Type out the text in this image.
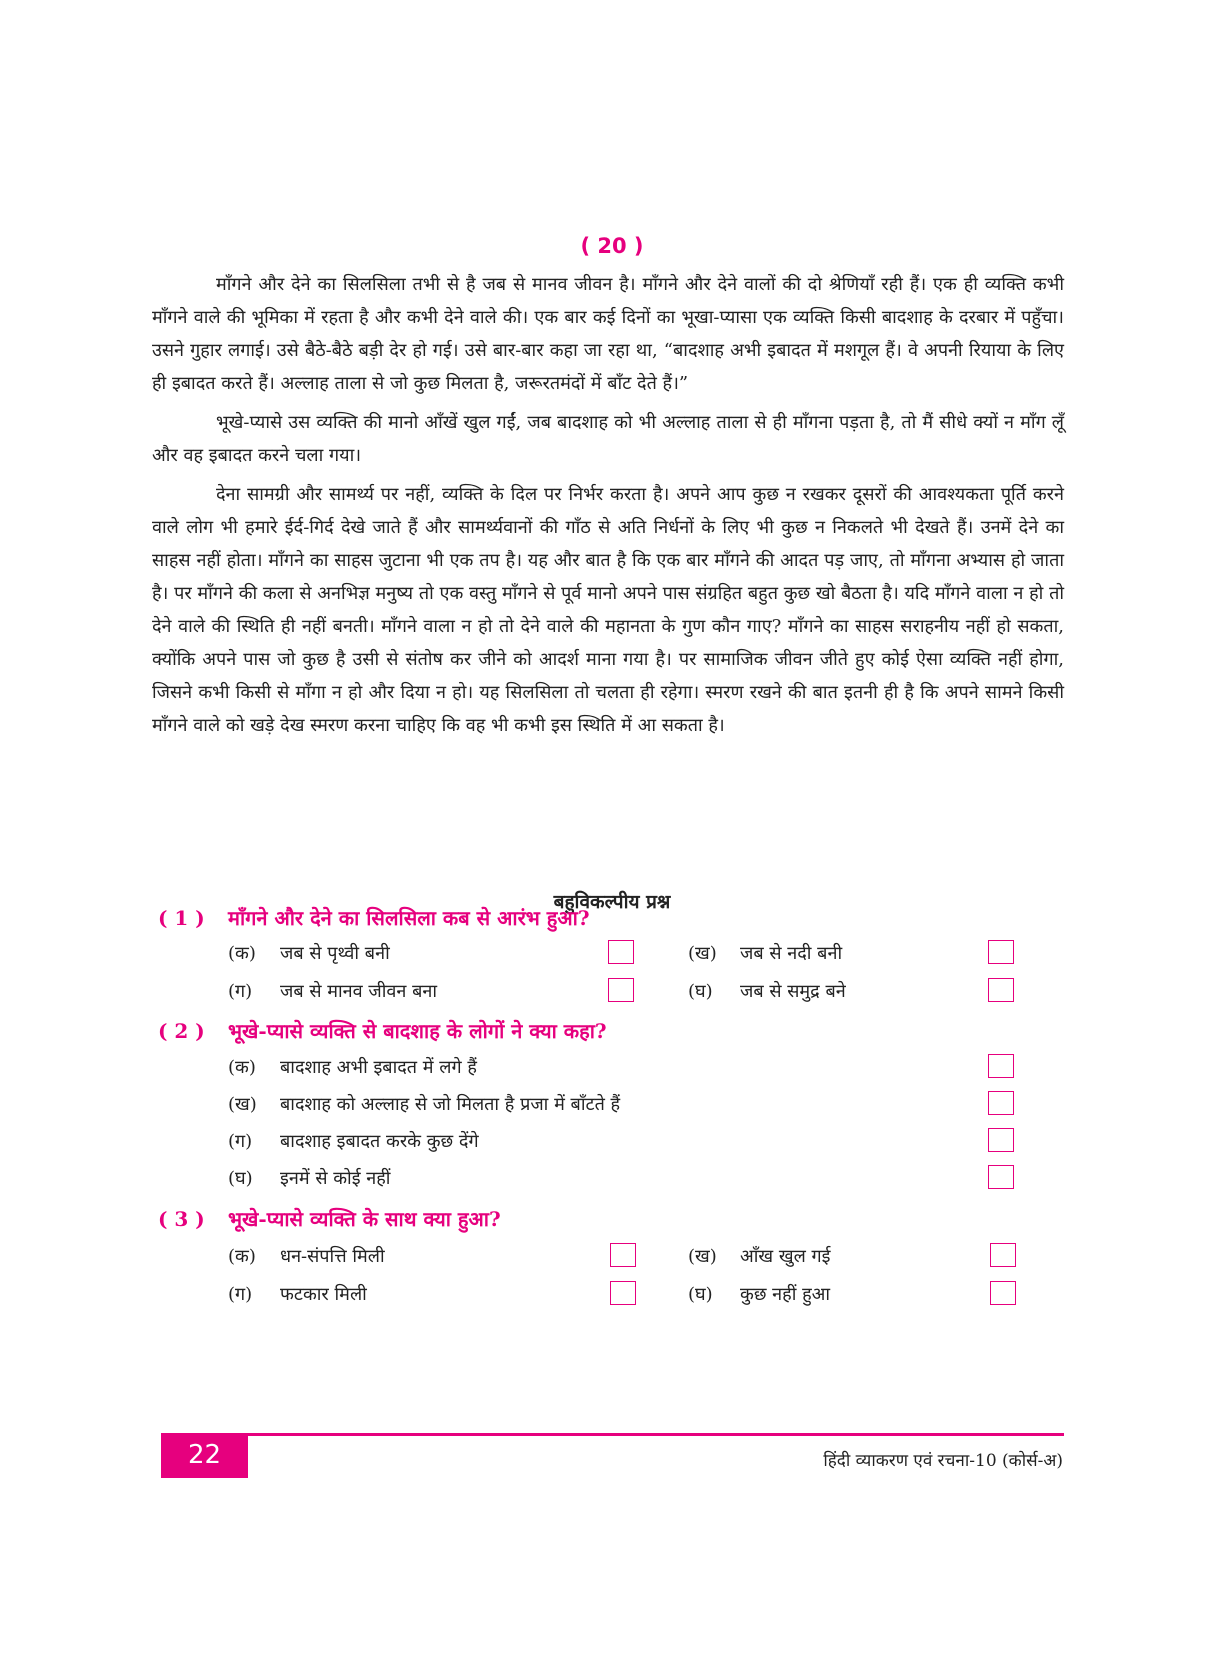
( 20 )

माँगने और देने का सिलसिला तभी से है जब से मानव जीवन है। माँगने और देने वालों की दो श्रेणियाँ रही हैं। एक ही व्यक्ति कभी माँगने वाले की भूमिका में रहता है और कभी देने वाले की। एक बार कई दिनों का भूखा-प्यासा एक व्यक्ति किसी बादशाह के दरबार में पहुँचा। उसने गुहार लगाई। उसे बैठे-बैठे बड़ी देर हो गई। उसे बार-बार कहा जा रहा था, “बादशाह अभी इबादत में मशगूल हैं। वे अपनी रियाया के लिए ही इबादत करते हैं। अल्लाह ताला से जो कुछ मिलता है, जरूरतमंदों में बाँट देते हैं।”

भूखे-प्यासे उस व्यक्ति की मानो आँखें खुल गईं, जब बादशाह को भी अल्लाह ताला से ही माँगना पड़ता है, तो मैं सीधे क्यों न माँग लूँ और वह इबादत करने चला गया।

देना सामग्री और सामर्थ्य पर नहीं, व्यक्ति के दिल पर निर्भर करता है। अपने आप कुछ न रखकर दूसरों की आवश्यकता पूर्ति करने वाले लोग भी हमारे ईर्द-गिर्द देखे जाते हैं और सामर्थ्यवानों की गाँठ से अति निर्धनों के लिए भी कुछ न निकलते भी देखते हैं। उनमें देने का साहस नहीं होता। माँगने का साहस जुटाना भी एक तप है। यह और बात है कि एक बार माँगने की आदत पड़ जाए, तो माँगना अभ्यास हो जाता है। पर माँगने की कला से अनभिज्ञ मनुष्य तो एक वस्तु माँगने से पूर्व मानो अपने पास संग्रहित बहुत कुछ खो बैठता है। यदि माँगने वाला न हो तो देने वाले की स्थिति ही नहीं बनती। माँगने वाला न हो तो देने वाले की महानता के गुण कौन गाए? माँगने का साहस सराहनीय नहीं हो सकता, क्योंकि अपने पास जो कुछ है उसी से संतोष कर जीने को आदर्श माना गया है। पर सामाजिक जीवन जीते हुए कोई ऐसा व्यक्ति नहीं होगा, जिसने कभी किसी से माँगा न हो और दिया न हो। यह सिलसिला तो चलता ही रहेगा। स्मरण रखने की बात इतनी ही है कि अपने सामने किसी माँगने वाले को खड़े देख स्मरण करना चाहिए कि वह भी कभी इस स्थिति में आ सकता है।

बहुविकल्पीय प्रश्न
( 1 ) माँगने और देने का सिलसिला कब से आरंभ हुआ?
(क) जब से पृथ्वी बनी	(ख) जब से नदी बनी
(ग) जब से मानव जीवन बना	(घ) जब से समुद्र बने
( 2 ) भूखे-प्यासे व्यक्ति से बादशाह के लोगों ने क्या कहा?
(क) बादशाह अभी इबादत में लगे हैं
(ख) बादशाह को अल्लाह से जो मिलता है प्रजा में बाँटते हैं
(ग) बादशाह इबादत करके कुछ देंगे
(घ) इनमें से कोई नहीं
( 3 ) भूखे-प्यासे व्यक्ति के साथ क्या हुआ?
(क) धन-संपत्ति मिली	(ख) आँख खुल गई
(ग) फटकार मिली	(घ) कुछ नहीं हुआ
22	हिंदी व्याकरण एवं रचना-10 (कोर्स-अ)
